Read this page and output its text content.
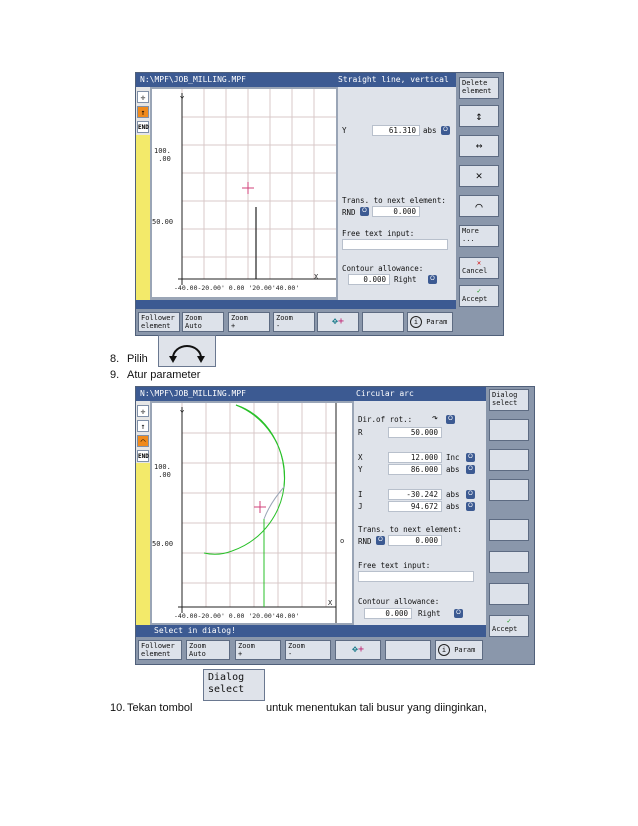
N:\MPF\JOB_MILLING.MPF	Straight line, vertical
✛
↑
END
Y
X
100.
.00
50.00
-40.00-20.00' 0.00 '20.00'40.00'
Y	61.310 abs	O
Trans. to next element:
RND	O	0.000
Free text input:
Contour allowance:
0.000	Right	O
Delete
element
↕
↔
✕
⌒
More
...
✕
Cancel
✓
Accept
Follower
element
Zoom
Auto
Zoom
+
Zoom
-	✥+	i Param
8. Pilih
9. Atur parameter
N:\MPF\JOB_MILLING.MPF	Circular arc
✛
↑
◠
END
Y
X
100.
.00
50.00
-40.00-20.00' 0.00 '20.00'40.00'
Dir.of rot.: ↷	O
R	50.000
X	12.000	Inc	O
Y	86.000	abs	O
I	-30.242	abs	O
J	94.672	abs	O
Trans. to next element:
RND	O	0.000
Free text input:
Contour allowance:
0.000	Right	O
o
Select in dialog!
Dialog
select
✓
Accept
Follower
element
Zoom
Auto
Zoom
+
Zoom
-	✥+	i Param
Dialog
select
10. Tekan tombol	untuk menentukan tali busur yang diinginkan,
